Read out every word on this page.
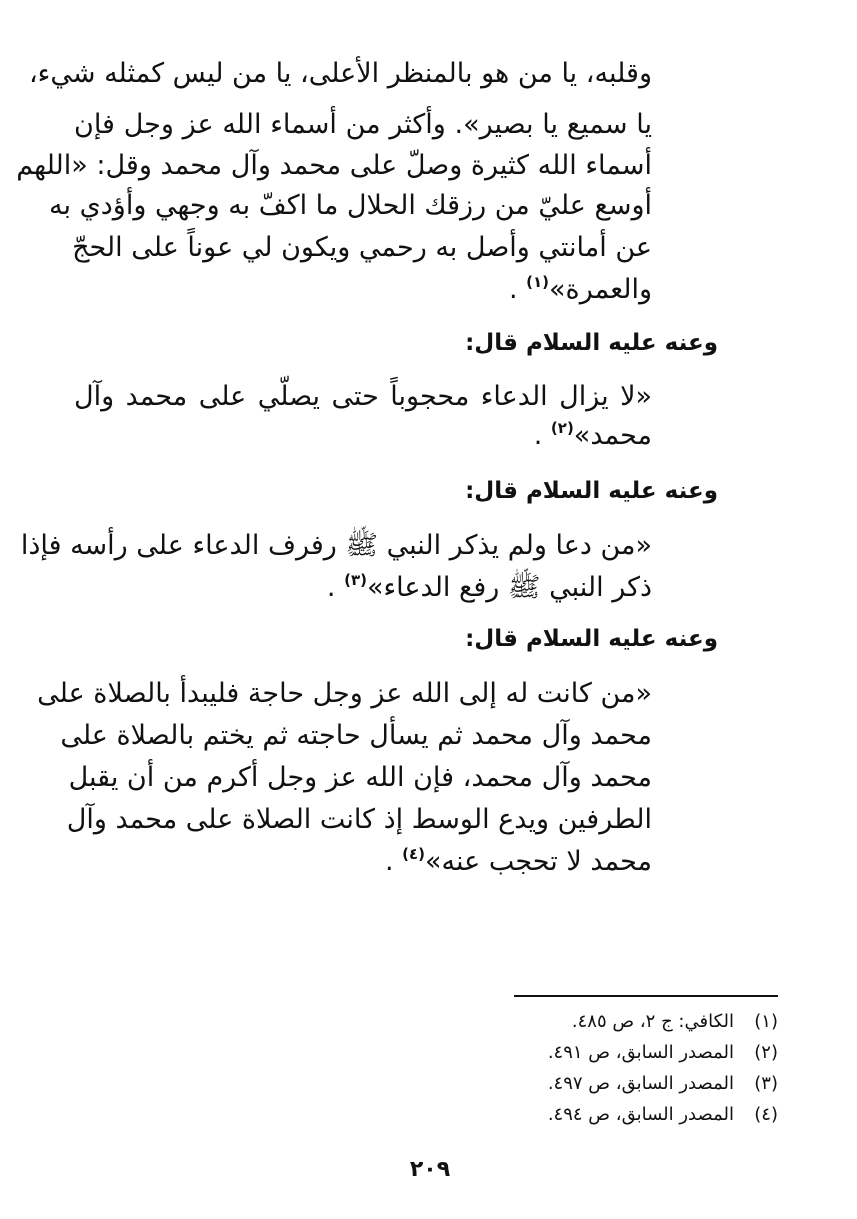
وقلبه، يا من هو بالمنظر الأعلى، يا من ليس كمثله شيء،
يا سميع يا بصير». وأكثر من أسماء الله عز وجل فإن
أسماء الله كثيرة وصلّ على محمد وآل محمد وقل: «اللهم
أوسع عليّ من رزقك الحلال ما اكفّ به وجهي وأؤدي به
عن أمانتي وأصل به رحمي ويكون لي عوناً على الحجّ
والعمرة»$^{(١)}$ .
وعنه عليه السلام قال:
«لا يزال الدعاء محجوباً حتى يصلّي على محمد وآل
محمد»$^{(٢)}$ .
وعنه عليه السلام قال:
«من دعا ولم يذكر النبي ﷺ رفرف الدعاء على رأسه فإذا
ذكر النبي ﷺ رفع الدعاء»$^{(٣)}$ .
وعنه عليه السلام قال:
«من كانت له إلى الله عز وجل حاجة فليبدأ بالصلاة على
محمد وآل محمد ثم يسأل حاجته ثم يختم بالصلاة على
محمد وآل محمد، فإن الله عز وجل أكرم من أن يقبل
الطرفين ويدع الوسط إذ كانت الصلاة على محمد وآل
محمد لا تحجب عنه»$^{(٤)}$ .
(١)الكافي: ج ٢، ص ٤٨٥.
(٢)المصدر السابق، ص ٤٩١.
(٣)المصدر السابق، ص ٤٩٧.
(٤)المصدر السابق، ص ٤٩٤.
٢٠٩
